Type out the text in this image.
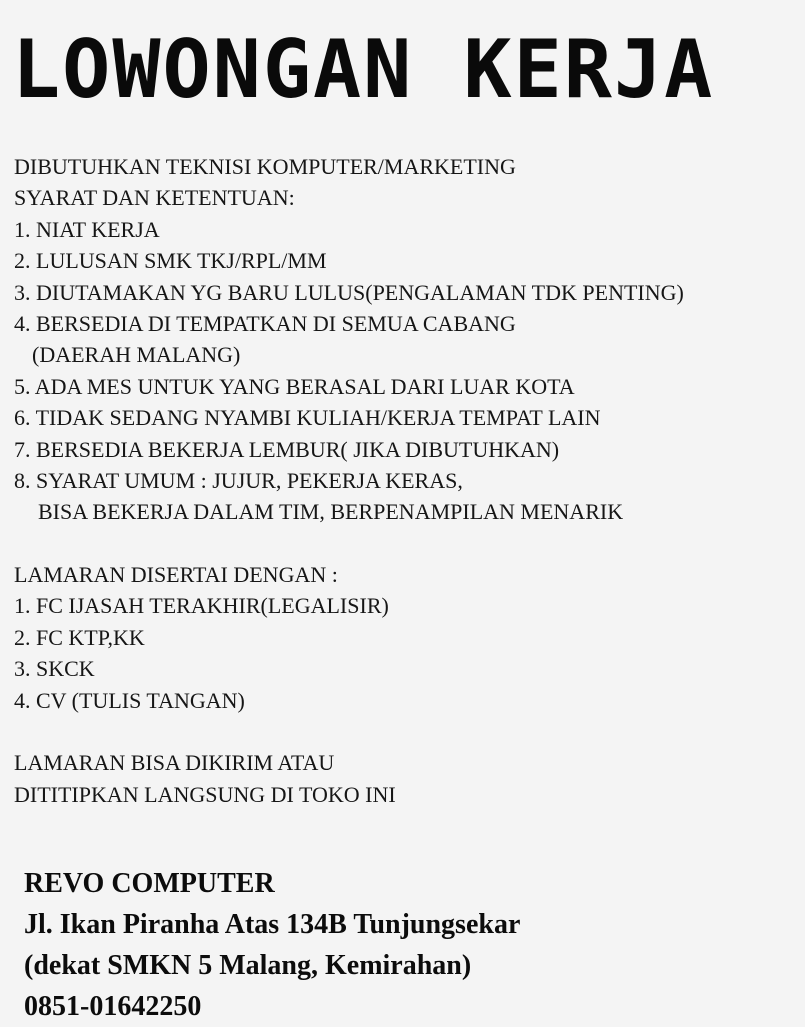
LOWONGAN KERJA
DIBUTUHKAN TEKNISI KOMPUTER/MARKETING
SYARAT DAN KETENTUAN:
1. NIAT KERJA
2. LULUSAN SMK TKJ/RPL/MM
3. DIUTAMAKAN YG BARU LULUS(PENGALAMAN TDK PENTING)
4. BERSEDIA DI TEMPATKAN DI SEMUA CABANG
(DAERAH MALANG)
5. ADA MES UNTUK YANG BERASAL DARI LUAR KOTA
6. TIDAK SEDANG NYAMBI KULIAH/KERJA TEMPAT LAIN
7. BERSEDIA BEKERJA LEMBUR( JIKA DIBUTUHKAN)
8. SYARAT UMUM : JUJUR, PEKERJA KERAS,
BISA BEKERJA DALAM TIM, BERPENAMPILAN MENARIK
LAMARAN DISERTAI DENGAN :
1. FC IJASAH TERAKHIR(LEGALISIR)
2. FC KTP,KK
3. SKCK
4. CV (TULIS TANGAN)
LAMARAN BISA DIKIRIM ATAU
DITITIPKAN LANGSUNG DI TOKO INI
REVO COMPUTER
Jl. Ikan Piranha Atas 134B Tunjungsekar
(dekat SMKN 5 Malang, Kemirahan)
0851-01642250
